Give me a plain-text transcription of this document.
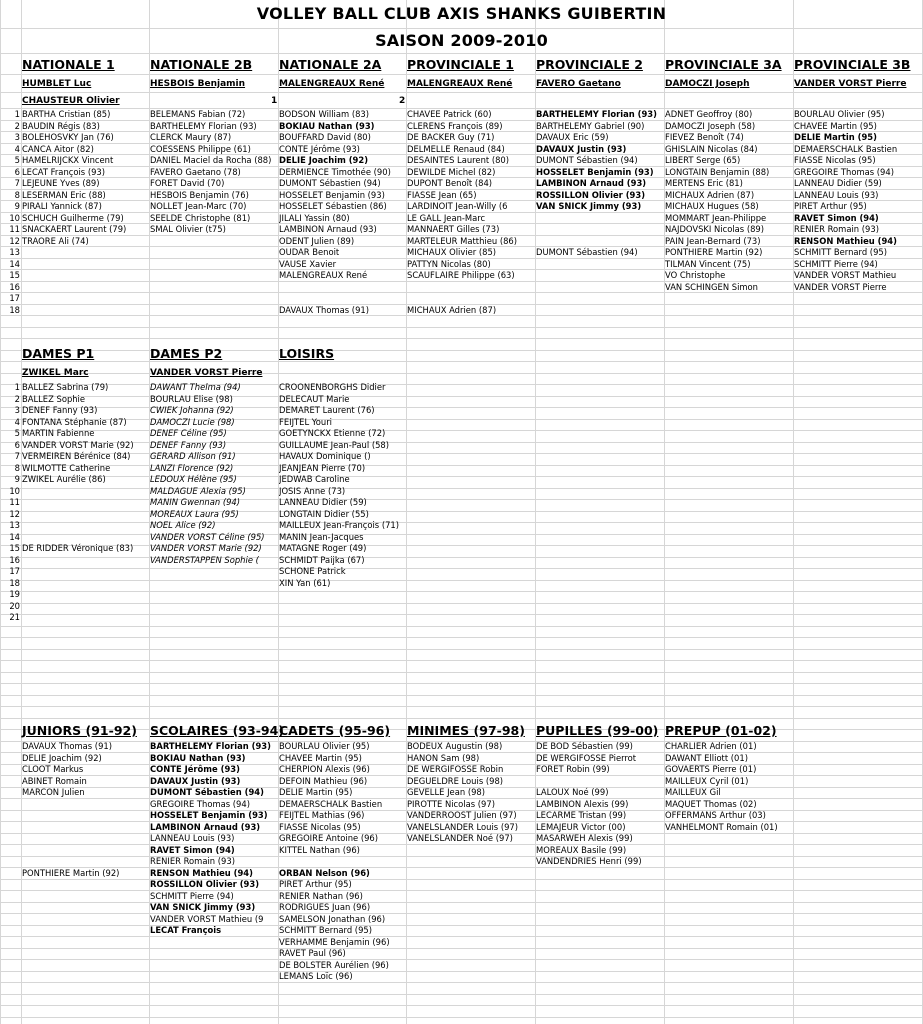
VOLLEY BALL CLUB AXIS SHANKS GUIBERTIN
SAISON 2009-2010
1
2
3
4
5
6
7
8
9
10
11
12
13
14
15
16
17
18
NATIONALE 1
HUMBLET Luc
CHAUSTEUR Olivier
BARTHA Cristian (85)
BAUDIN Régis (83)
BOLEHOSVKY Jan (76)
CANCA Aitor (82)
HAMELRIJCKX Vincent
LECAT François (93)
LEJEUNE Yves (89)
LESERMAN Eric (88)
PIRALI Yannick (87)
SCHUCH Guilherme (79)
SNACKAERT Laurent (79)
TRAORE Ali (74)
NATIONALE 2B
HESBOIS Benjamin
1
BELEMANS Fabian (72)
BARTHELEMY Florian (93)
CLERCK Maury (87)
COESSENS Philippe (61)
DANIEL Maciel da Rocha (88)
FAVERO Gaetano (78)
FORET David (70)
HESBOIS Benjamin (76)
NOLLET Jean-Marc (70)
SEELDE Christophe (81)
SMAL Olivier (t75)
NATIONALE 2A
MALENGREAUX René
2
BODSON William (83)
BOKIAU Nathan (93)
BOUFFARD David (80)
CONTE Jérôme (93)
DELIE Joachim (92)
DERMIENCE Timothée (90)
DUMONT Sébastien (94)
HOSSELET Benjamin (93)
HOSSELET Sébastien (86)
JILALI Yassin (80)
LAMBINON Arnaud (93)
ODENT Julien (89)
OUDAR Benoit
VAUSE Xavier
MALENGREAUX René
DAVAUX Thomas (91)
PROVINCIALE 1
MALENGREAUX René
CHAVEE Patrick (60)
CLERENS François (89)
DE BACKER Guy (71)
DELMELLE Renaud (84)
DESAINTES Laurent (80)
DEWILDE Michel (82)
DUPONT Benoît (84)
FIASSE Jean (65)
LARDINOIT Jean-Willy (6
LE GALL Jean-Marc
MANNAERT Gilles (73)
MARTELEUR Matthieu (86)
MICHAUX Olivier (85)
PATTYN Nicolas (80)
SCAUFLAIRE Philippe (63)
MICHAUX Adrien (87)
PROVINCIALE 2
FAVERO Gaetano
BARTHELEMY Florian (93)
BARTHELEMY Gabriel (90)
DAVAUX Eric (59)
DAVAUX Justin (93)
DUMONT Sébastien (94)
HOSSELET Benjamin (93)
LAMBINON Arnaud (93)
ROSSILLON Olivier (93)
VAN SNICK Jimmy (93)
DUMONT Sébastien (94)
PROVINCIALE 3A
DAMOCZI Joseph
ADNET Geoffroy (80)
DAMOCZI Joseph (58)
FIEVEZ Benoît (74)
GHISLAIN Nicolas (84)
LIBERT Serge (65)
LONGTAIN Benjamin (88)
MERTENS Eric (81)
MICHAUX Adrien (87)
MICHAUX Hugues (58)
MOMMART Jean-Philippe
NAJDOVSKI Nicolas (89)
PAIN Jean-Bernard (73)
PONTHIERE Martin (92)
TILMAN Vincent (75)
VO Christophe
VAN SCHINGEN Simon
PROVINCIALE 3B
VANDER VORST Pierre
BOURLAU Olivier (95)
CHAVEE Martin (95)
DELIE Martin (95)
DEMAERSCHALK Bastien
FIASSE Nicolas (95)
GREGOIRE Thomas (94)
LANNEAU Didier (59)
LANNEAU Louis (93)
PIRET Arthur (95)
RAVET Simon (94)
RENIER Romain (93)
RENSON Mathieu (94)
SCHMITT Bernard (95)
SCHMITT Pierre (94)
VANDER VORST Mathieu
VANDER VORST Pierre
1
2
3
4
5
6
7
8
9
10
11
12
13
14
15
16
17
18
19
20
21
DAMES P1
ZWIKEL Marc
BALLEZ Sabrina (79)
BALLEZ Sophie
DENEF Fanny (93)
FONTANA Stéphanie (87)
MARTIN Fabienne
VANDER VORST Marie (92)
VERMEIREN Bérénice (84)
WILMOTTE Catherine
ZWIKEL Aurélie (86)
DE RIDDER Véronique (83)
DAMES P2
VANDER VORST Pierre
DAWANT Thelma (94)
BOURLAU Elise (98)
CWIEK Johanna (92)
DAMOCZI Lucie (98)
DENEF Céline (95)
DENEF Fanny (93)
GERARD Allison (91)
LANZI Florence (92)
LEDOUX Hélène (95)
MALDAGUE Alexia (95)
MANIN Gwennan (94)
MOREAUX Laura (95)
NOEL Alice (92)
VANDER VORST Céline (95)
VANDER VORST Marie (92)
VANDERSTAPPEN Sophie (
LOISIRS
CROONENBORGHS Didier
DELECAUT Marie
DEMARET Laurent (76)
FEIJTEL Youri
GOETYNCKX Etienne (72)
GUILLAUME Jean-Paul (58)
HAVAUX Dominique ()
JEANJEAN Pierre (70)
JEDWAB Caroline
JOSIS Anne (73)
LANNEAU Didier (59)
LONGTAIN Didier (55)
MAILLEUX Jean-François (71)
MANIN Jean-Jacques
MATAGNE Roger (49)
SCHMIDT Paijka (67)
SCHONE Patrick
XIN Yan (61)
JUNIORS (91-92)
DAVAUX Thomas (91)
DELIE Joachim (92)
CLOOT Markus
ABINET Romain
MARCON Julien
PONTHIERE Martin (92)
SCOLAIRES (93-94)
BARTHELEMY Florian (93)
BOKIAU Nathan (93)
CONTE Jérôme (93)
DAVAUX Justin (93)
DUMONT Sébastien (94)
GREGOIRE Thomas (94)
HOSSELET Benjamin (93)
LAMBINON Arnaud (93)
LANNEAU Louis (93)
RAVET Simon (94)
RENIER Romain (93)
RENSON Mathieu (94)
ROSSILLON Olivier (93)
SCHMITT Pierre (94)
VAN SNICK Jimmy (93)
VANDER VORST Mathieu (9
LECAT François
CADETS (95-96)
BOURLAU Olivier (95)
CHAVEE Martin (95)
CHERPION Alexis (96)
DEFOIN Mathieu (96)
DELIE Martin (95)
DEMAERSCHALK Bastien
FEIJTEL Mathias (96)
FIASSE Nicolas (95)
GREGOIRE Antoine (96)
KITTEL Nathan (96)
ORBAN Nelson (96)
PIRET Arthur (95)
RENIER Nathan (96)
RODRIGUES Juan (96)
SAMELSON Jonathan (96)
SCHMITT Bernard (95)
VERHAMME Benjamin (96)
RAVET Paul (96)
DE BOLSTER Aurélien (96)
LEMANS Loïc (96)
MINIMES (97-98)
BODEUX Augustin (98)
HANON Sam (98)
DE WERGIFOSSE Robin
DEGUELDRE Louis (98)
GEVELLE Jean (98)
PIROTTE Nicolas (97)
VANDERROOST Julien (97)
VANELSLANDER Louis (97)
VANELSLANDER Noé (97)
PUPILLES (99-00)
DE BOD Sébastien (99)
DE WERGIFOSSE Pierrot
FORET Robin (99)
LALOUX Noé (99)
LAMBINON Alexis (99)
LECARME Tristan (99)
LEMAJEUR Victor (00)
MASARWEH Alexis (99)
MOREAUX Basile (99)
VANDENDRIES Henri (99)
PREPUP (01-02)
CHARLIER Adrien (01)
DAWANT Elliott (01)
GOVAERTS Pierre (01)
MAILLEUX Cyril (01)
MAILLEUX Gil
MAQUET Thomas (02)
OFFERMANS Arthur (03)
VANHELMONT Romain (01)
